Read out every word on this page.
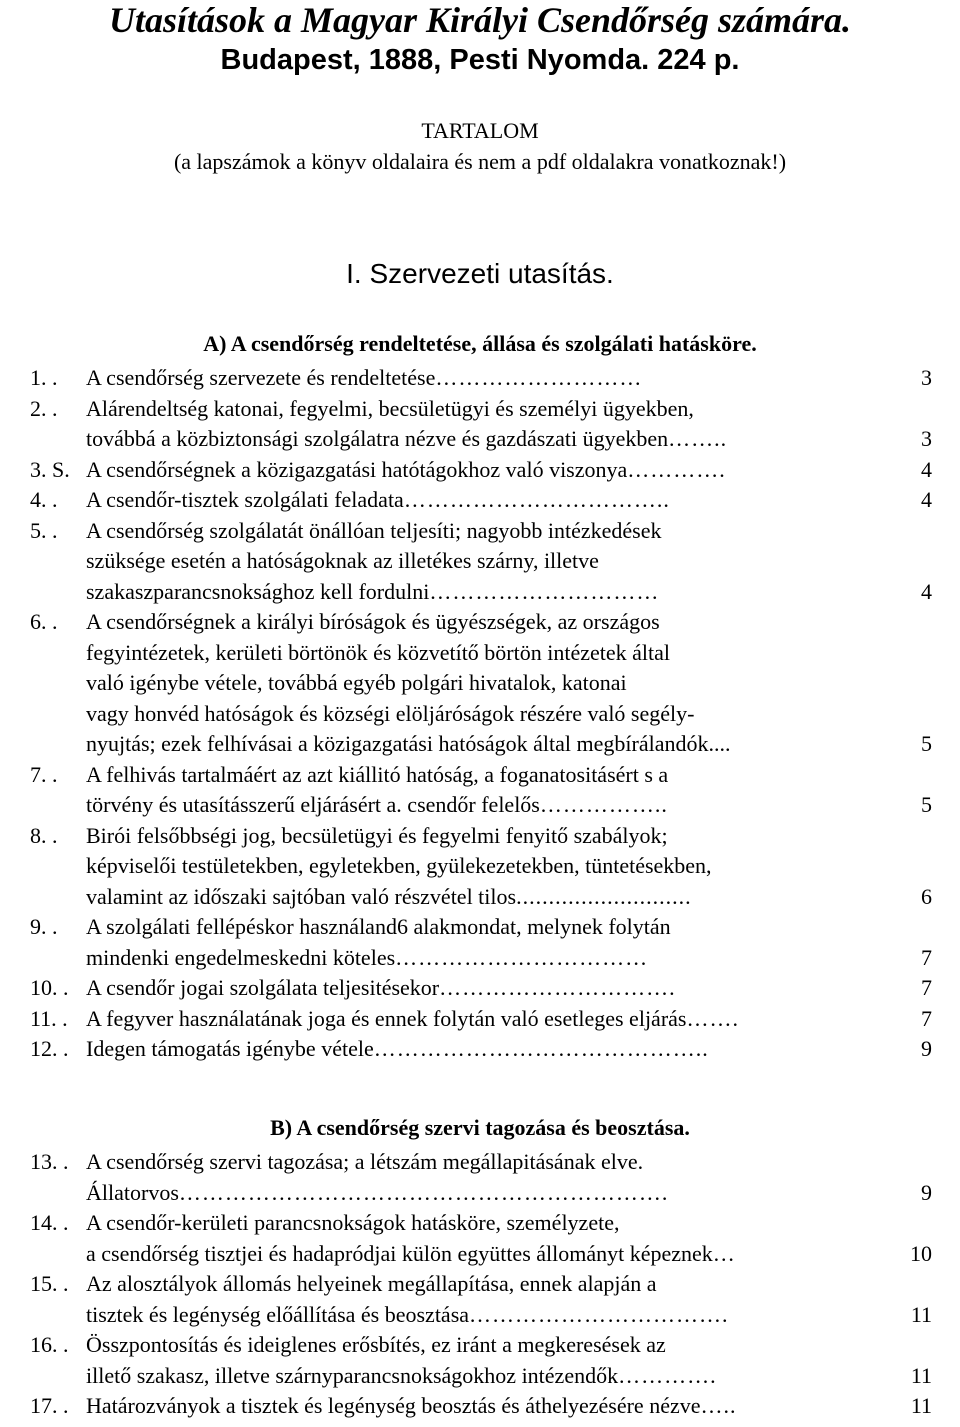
Utasítások a Magyar Királyi Csendőrség számára.
Budapest, 1888, Pesti Nyomda. 224 p.
TARTALOM
(a lapszámok a könyv oldalaira és nem a pdf oldalakra vonatkoznak!)
I. Szervezeti utasítás.
A) A csendőrség rendeltetése, állása és szolgálati hatásköre.
1. . A csendőrség szervezete és rendeltetése ………………………	3
2. . Alárendeltség katonai, fegyelmi, becsületügyi és személyi ügyekben,
továbbá a közbiztonsági szolgálatra nézve és gazdászati ügyekben ……..	3
3. S. A csendőrségnek a közigazgatási hatótágokhoz való viszonya ………….	4
4. . A csendőr-tisztek szolgálati feladata ……………………………..	4
5. . A csendőrség szolgálatát önállóan teljesíti; nagyobb intézkedések
szüksége esetén a hatóságoknak az illetékes szárny, illetve
szakaszparancsnoksághoz kell fordulni …………………………	4
6. . A csendőrségnek a királyi bíróságok és ügyészségek, az országos
fegyintézetek, kerületi börtönök és közvetítő börtön intézetek által
való igénybe vétele, továbbá egyéb polgári hivatalok, katonai
vagy honvéd hatóságok és községi elöljáróságok részére való segély-
nyujtás; ezek felhívásai a közigazgatási hatóságok által megbírálandók....	5
7. . A felhivás tartalmáért az azt kiállitó hatóság, a foganatositásért s a
törvény és utasításszerű eljárásért a. csendőr felelős ……………..	5
8. . Birói felsőbbségi jog, becsületügyi és fegyelmi fenyitő szabályok;
képviselői testületekben, egyletekben, gyülekezetekben, tüntetésekben,
valamint az időszaki sajtóban való részvétel tilos ...........................	6
9. . A szolgálati fellépéskor használand6 alakmondat, melynek folytán
mindenki engedelmeskedni köteles ……………………………	7
10. . A csendőr jogai szolgálata teljesitésekor ………………………….	7
11. . A fegyver használatának joga és ennek folytán való esetleges eljárás …….	7
12. . Idegen támogatás igénybe vétele ……………………………………..	9
B) A csendőrség szervi tagozása és beosztása.
13. . A csendőrség szervi tagozása; a létszám megállapitásának elve.
Állatorvos ……………………………………………………….	9
14. . A csendőr-kerületi parancsnokságok hatásköre, személyzete,
a csendőrség tisztjei és hadapródjai külön együttes állományt képeznek …	10
15. . Az alosztályok állomás helyeinek megállapítása, ennek alapján a
tisztek és legénység előállítása és beosztása …………………………….	11
16. . Összpontosítás és ideiglenes erősbítés, ez iránt a megkeresések az
illető szakasz, illetve szárnyparancsnokságokhoz intézendők ………….	11
17. . Határozványok a tisztek és legénység beosztás és áthelyezésére nézve …..	11
